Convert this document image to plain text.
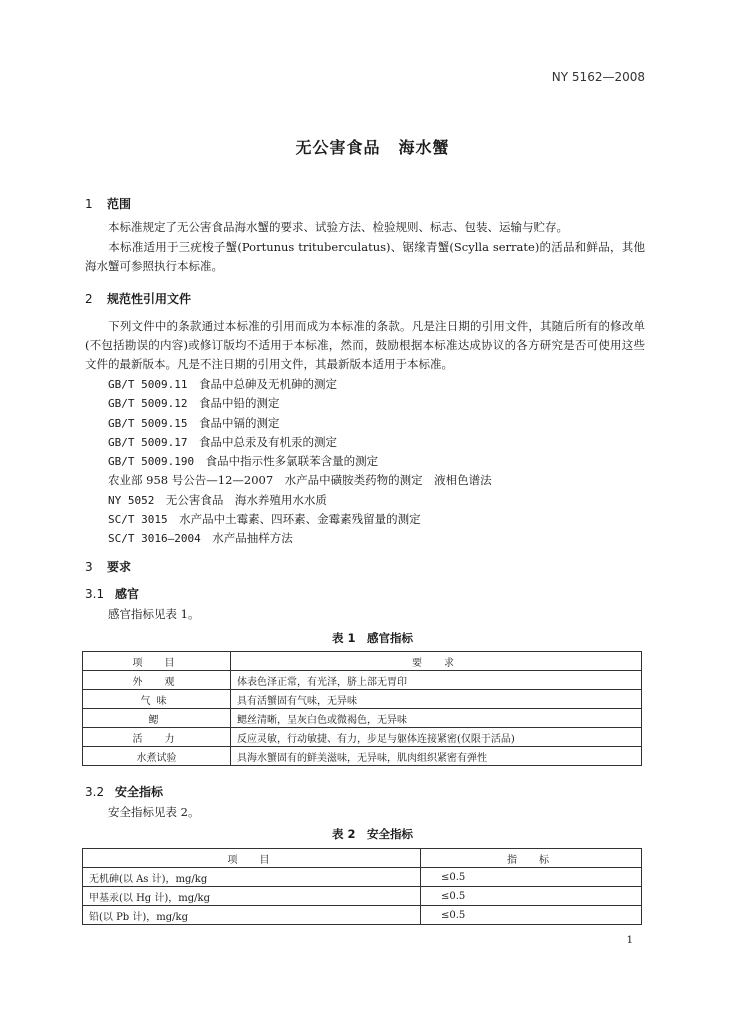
NY 5162—2008
无公害食品 海水蟹
1 范围
本标准规定了无公害食品海水蟹的要求、试验方法、检验规则、标志、包装、运输与贮存。
本标准适用于三疣梭子蟹(Portunus trituberculatus)、锯缘青蟹(Scylla serrate)的活品和鲜品，其他海水蟹可参照执行本标准。
2 规范性引用文件
下列文件中的条款通过本标准的引用而成为本标准的条款。凡是注日期的引用文件，其随后所有的修改单(不包括勘误的内容)或修订版均不适用于本标准，然而，鼓励根据本标准达成协议的各方研究是否可使用这些文件的最新版本。凡是不注日期的引用文件，其最新版本适用于本标准。
GB/T 5009.11　 食品中总砷及无机砷的测定
GB/T 5009.12　 食品中铅的测定
GB/T 5009.15　 食品中镉的测定
GB/T 5009.17　 食品中总汞及有机汞的测定
GB/T 5009.190　 食品中指示性多氯联苯含量的测定
农业部 958 号公告—12—2007　 水产品中磺胺类药物的测定　液相色谱法
NY 5052　 无公害食品　海水养殖用水水质
SC/T 3015　 水产品中土霉素、四环素、金霉素残留量的测定
SC/T 3016—2004　 水产品抽样方法
3 要求
3.1 感官
感官指标见表 1。
表 1　感官指标
项　目	要　求
外　观	体表色泽正常，有光泽，脐上部无胃印
气味	具有活蟹固有气味，无异味
鳃	鳃丝清晰，呈灰白色或微褐色，无异味
活　力	反应灵敏，行动敏捷、有力，步足与躯体连接紧密(仅限于活品)
水煮试验	具海水蟹固有的鲜美滋味，无异味，肌肉组织紧密有弹性
3.2 安全指标
安全指标见表 2。
表 2　安全指标
项　目	指　标
无机砷(以 As 计)，mg/kg	≤0.5
甲基汞(以 Hg 计)，mg/kg	≤0.5
铅(以 Pb 计)，mg/kg	≤0.5
1
